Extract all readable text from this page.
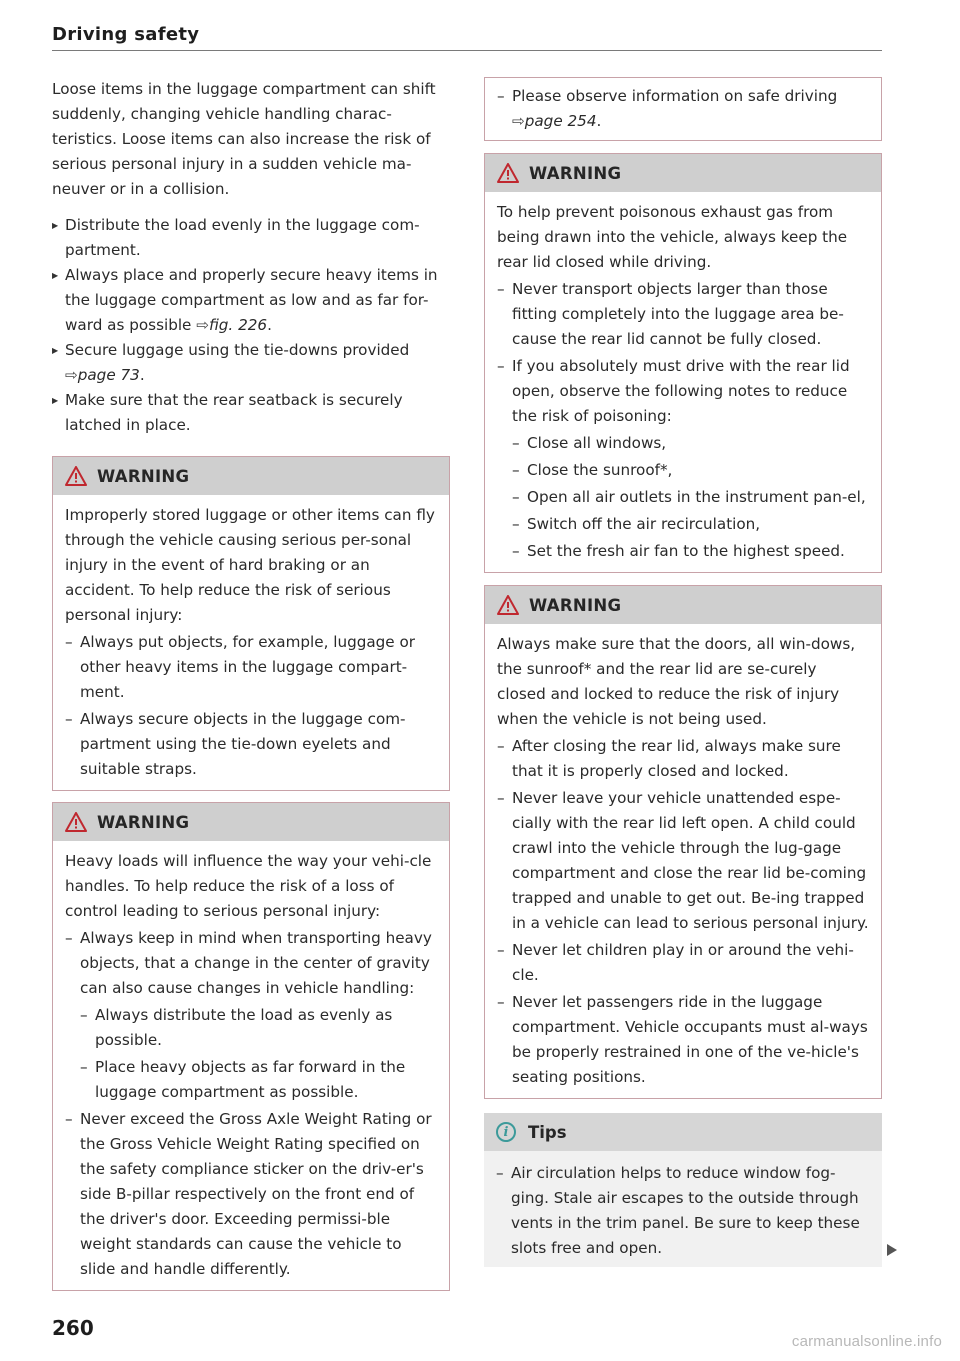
Driving safety

Loose items in the luggage compartment can shift suddenly, changing vehicle handling charac-teristics. Loose items can also increase the risk of serious personal injury in a sudden vehicle ma-neuver or in a collision.

▶ Distribute the load evenly in the luggage com-partment.
▶ Always place and properly secure heavy items in the luggage compartment as low and as far for-ward as possible ⇨fig. 226.
▶ Secure luggage using the tie-downs provided ⇨page 73.
▶ Make sure that the rear seatback is securely latched in place.
WARNING

Improperly stored luggage or other items can fly through the vehicle causing serious per-sonal injury in the event of hard braking or an accident. To help reduce the risk of serious personal injury:

– Always put objects, for example, luggage or other heavy items in the luggage compart-ment.
– Always secure objects in the luggage com-partment using the tie-down eyelets and suitable straps.
WARNING

Heavy loads will influence the way your vehi-cle handles. To help reduce the risk of a loss of control leading to serious personal injury:

– Always keep in mind when transporting heavy objects, that a change in the center of gravity can also cause changes in vehicle handling:
– Always distribute the load as evenly as possible.
– Place heavy objects as far forward in the luggage compartment as possible.
– Never exceed the Gross Axle Weight Rating or the Gross Vehicle Weight Rating specified on the safety compliance sticker on the driv-er's side B-pillar respectively on the front end of the driver's door. Exceeding permissi-ble weight standards can cause the vehicle to slide and handle differently.
– Please observe information on safe driving ⇨page 254.
WARNING

To help prevent poisonous exhaust gas from being drawn into the vehicle, always keep the rear lid closed while driving.

– Never transport objects larger than those fitting completely into the luggage area be-cause the rear lid cannot be fully closed.
– If you absolutely must drive with the rear lid open, observe the following notes to reduce the risk of poisoning:
– Close all windows,
– Close the sunroof*,
– Open all air outlets in the instrument pan-el,
– Switch off the air recirculation,
– Set the fresh air fan to the highest speed.
WARNING

Always make sure that the doors, all win-dows, the sunroof* and the rear lid are se-curely closed and locked to reduce the risk of injury when the vehicle is not being used.

– After closing the rear lid, always make sure that it is properly closed and locked.
– Never leave your vehicle unattended espe-cially with the rear lid left open. A child could crawl into the vehicle through the lug-gage compartment and close the rear lid be-coming trapped and unable to get out. Be-ing trapped in a vehicle can lead to serious personal injury.
– Never let children play in or around the vehi-cle.
– Never let passengers ride in the luggage compartment. Vehicle occupants must al-ways be properly restrained in one of the ve-hicle's seating positions.
i	Tips
– Air circulation helps to reduce window fog-ging. Stale air escapes to the outside through vents in the trim panel. Be sure to keep these slots free and open.
260
carmanualsonline.info
